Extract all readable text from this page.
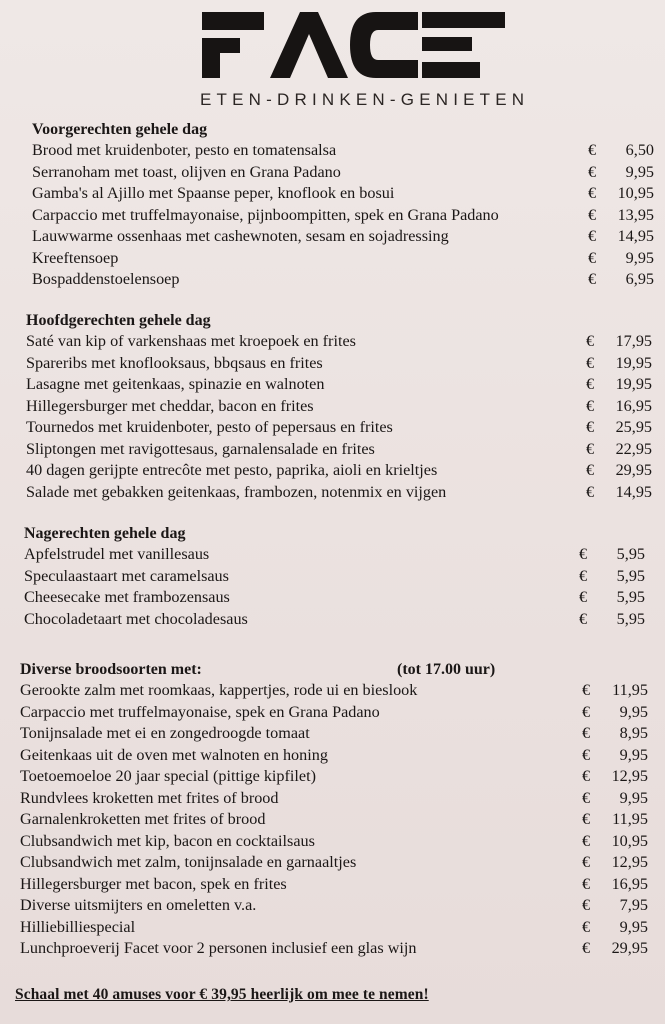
ETEN-DRINKEN-GENIETEN
Voorgerechten gehele dag
Brood met kruidenboter, pesto en tomatensalsa	€ 6,50
Serranoham met toast, olijven en Grana Padano	€ 9,95
Gamba's al Ajillo met Spaanse peper, knoflook en bosui	€ 10,95
Carpaccio met truffelmayonaise, pijnboompitten, spek en Grana Padano	€ 13,95
Lauwwarme ossenhaas met cashewnoten, sesam en sojadressing	€ 14,95
Kreeftensoep	€ 9,95
Bospaddenstoelensoep	€ 6,95
Hoofdgerechten gehele dag
Saté van kip of varkenshaas met kroepoek en frites	€ 17,95
Spareribs met knoflooksaus, bbqsaus en frites	€ 19,95
Lasagne met geitenkaas, spinazie en walnoten	€ 19,95
Hillegersburger met cheddar, bacon en frites	€ 16,95
Tournedos met kruidenboter, pesto of pepersaus en frites	€ 25,95
Sliptongen met ravigottesaus, garnalensalade en frites	€ 22,95
40 dagen gerijpte entrecôte met pesto, paprika, aioli en krieltjes	€ 29,95
Salade met gebakken geitenkaas, frambozen, notenmix en vijgen	€ 14,95
Nagerechten gehele dag
Apfelstrudel met vanillesaus	€ 5,95
Speculaastaart met caramelsaus	€ 5,95
Cheesecake met frambozensaus	€ 5,95
Chocoladetaart met chocoladesaus	€ 5,95
Diverse broodsoorten met:	(tot 17.00 uur)
Gerookte zalm met roomkaas, kappertjes, rode ui en bieslook	€ 11,95
Carpaccio met truffelmayonaise, spek en Grana Padano	€ 9,95
Tonijnsalade met ei en zongedroogde tomaat	€ 8,95
Geitenkaas uit de oven met walnoten en honing	€ 9,95
Toetoemoeloe 20 jaar special (pittige kipfilet)	€ 12,95
Rundvlees kroketten met frites of brood	€ 9,95
Garnalenkroketten met frites of brood	€ 11,95
Clubsandwich met kip, bacon en cocktailsaus	€ 10,95
Clubsandwich met zalm, tonijnsalade en garnaaltjes	€ 12,95
Hillegersburger met bacon, spek en frites	€ 16,95
Diverse uitsmijters en omeletten v.a.	€ 7,95
Hilliebilliespecial	€ 9,95
Lunchproeverij Facet voor 2 personen inclusief een glas wijn	€ 29,95
Schaal met 40 amuses voor € 39,95 heerlijk om mee te nemen!
